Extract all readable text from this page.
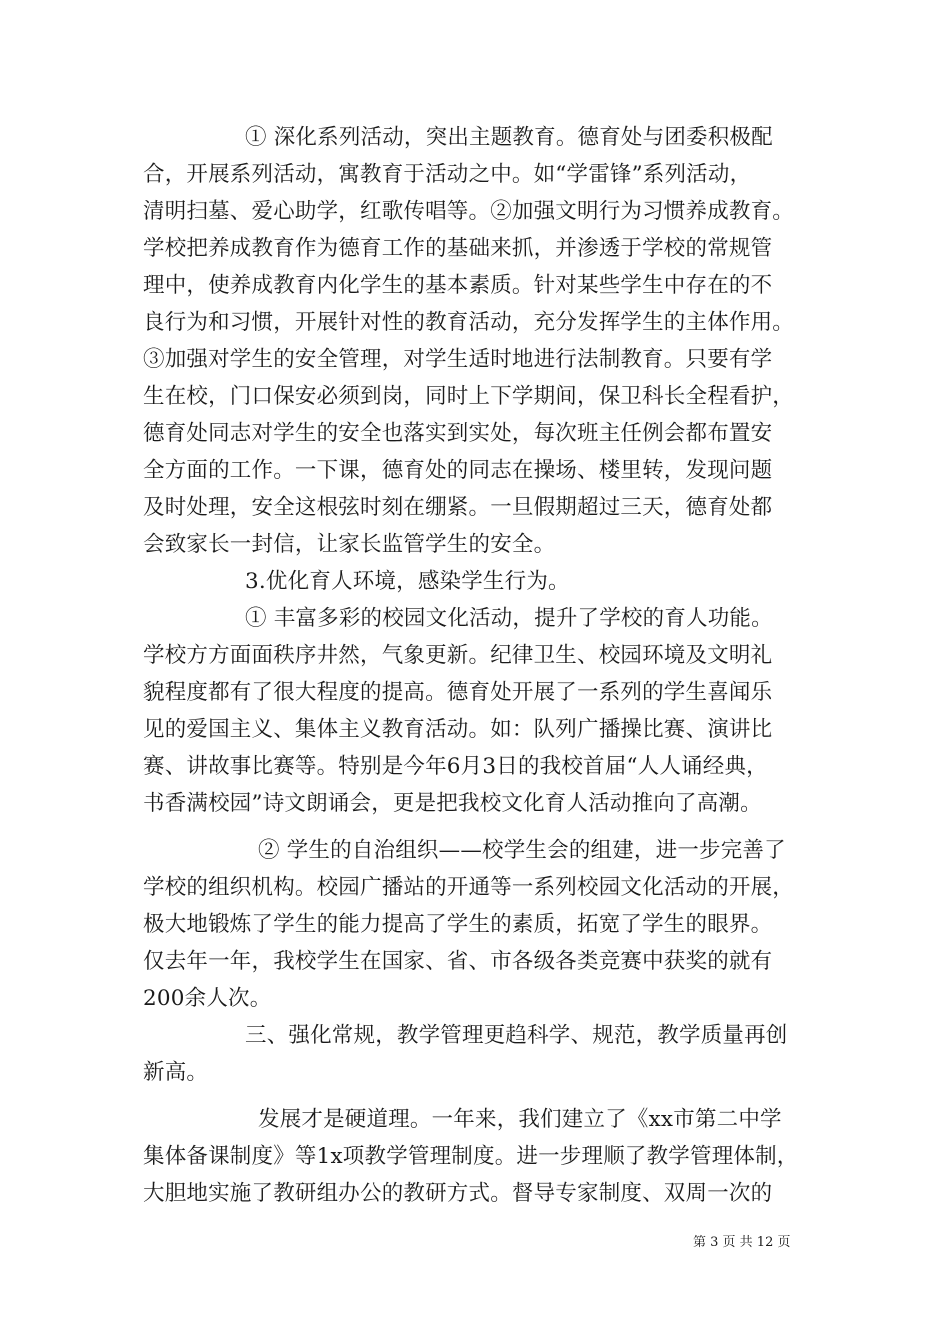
① 深化系列活动，突出主题教育。德育处与团委积极配
合，开展系列活动，寓教育于活动之中。如“学雷锋”系列活动，
清明扫墓、爱心助学，红歌传唱等。②加强文明行为习惯养成教育。
学校把养成教育作为德育工作的基础来抓，并渗透于学校的常规管
理中，使养成教育内化学生的基本素质。针对某些学生中存在的不
良行为和习惯，开展针对性的教育活动，充分发挥学生的主体作用。
③加强对学生的安全管理，对学生适时地进行法制教育。只要有学
生在校，门口保安必须到岗，同时上下学期间，保卫科长全程看护，
德育处同志对学生的安全也落实到实处，每次班主任例会都布置安
全方面的工作。一下课，德育处的同志在操场、楼里转，发现问题
及时处理，安全这根弦时刻在绷紧。一旦假期超过三天，德育处都
会致家长一封信，让家长监管学生的安全。
3.优化育人环境，感染学生行为。
① 丰富多彩的校园文化活动，提升了学校的育人功能。
学校方方面面秩序井然，气象更新。纪律卫生、校园环境及文明礼
貌程度都有了很大程度的提高。德育处开展了一系列的学生喜闻乐
见的爱国主义、集体主义教育活动。如：队列广播操比赛、演讲比
赛、讲故事比赛等。特别是今年6月3日的我校首届“人人诵经典，
书香满校园”诗文朗诵会，更是把我校文化育人活动推向了高潮。
② 学生的自治组织——校学生会的组建，进一步完善了
学校的组织机构。校园广播站的开通等一系列校园文化活动的开展，
极大地锻炼了学生的能力提高了学生的素质，拓宽了学生的眼界。
仅去年一年，我校学生在国家、省、市各级各类竞赛中获奖的就有
200余人次。
三、强化常规，教学管理更趋科学、规范，教学质量再创
新高。
发展才是硬道理。一年来，我们建立了《xx市第二中学
集体备课制度》等1x项教学管理制度。进一步理顺了教学管理体制，
大胆地实施了教研组办公的教研方式。督导专家制度、双周一次的
第 3 页 共 12 页
